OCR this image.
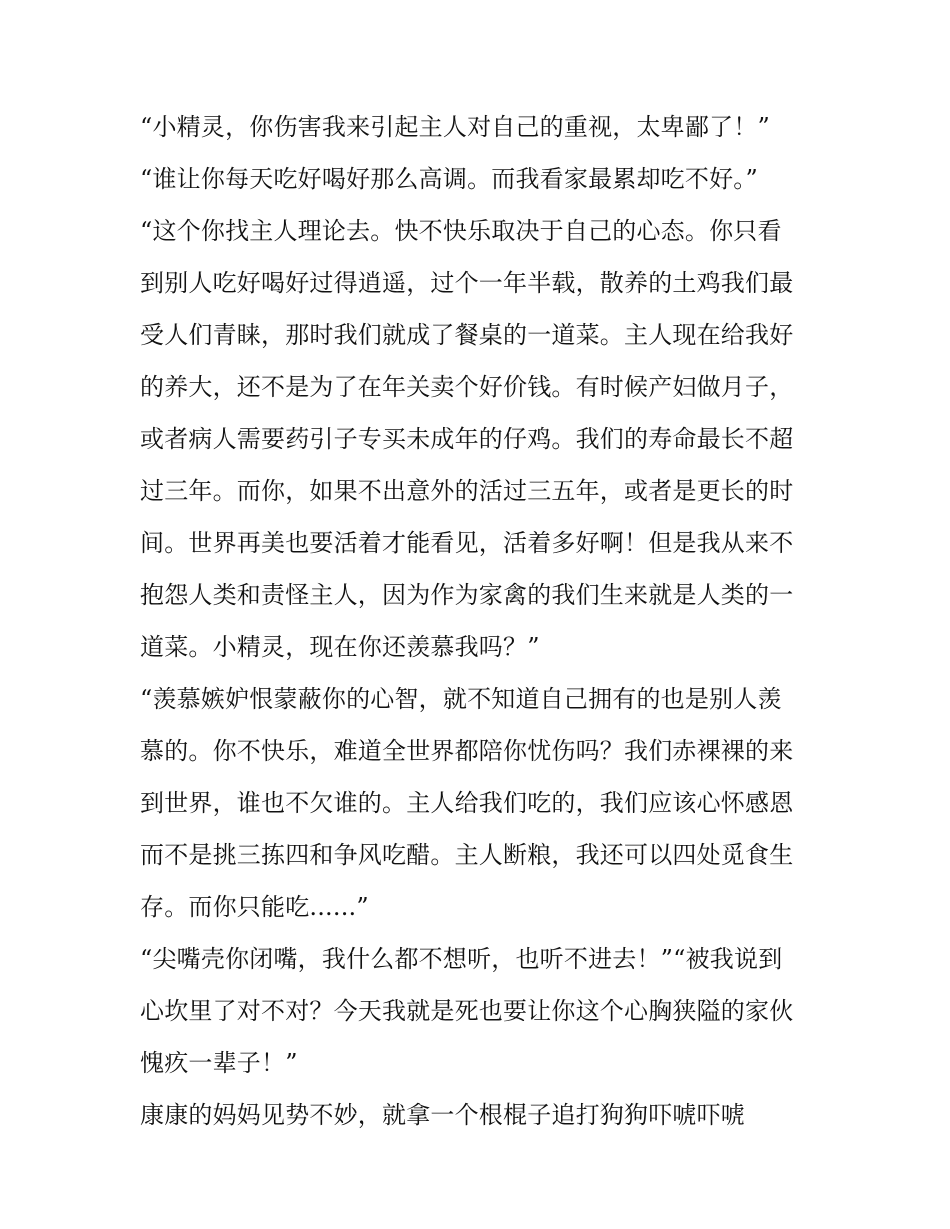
“小精灵，你伤害我来引起主人对自己的重视，太卑鄙了！”
“谁让你每天吃好喝好那么高调。而我看家最累却吃不好。”
“这个你找主人理论去。快不快乐取决于自己的心态。你只看
到别人吃好喝好过得逍遥，过个一年半载，散养的土鸡我们最
受人们青睐，那时我们就成了餐桌的一道菜。主人现在给我好
的养大，还不是为了在年关卖个好价钱。有时候产妇做月子，
或者病人需要药引子专买未成年的仔鸡。我们的寿命最长不超
过三年。而你，如果不出意外的活过三五年，或者是更长的时
间。世界再美也要活着才能看见，活着多好啊！但是我从来不
抱怨人类和责怪主人，因为作为家禽的我们生来就是人类的一
道菜。小精灵，现在你还羡慕我吗？”
“羡慕嫉妒恨蒙蔽你的心智，就不知道自己拥有的也是别人羡
慕的。你不快乐，难道全世界都陪你忧伤吗？我们赤裸裸的来
到世界，谁也不欠谁的。主人给我们吃的，我们应该心怀感恩
而不是挑三拣四和争风吃醋。主人断粮，我还可以四处觅食生
存。而你只能吃......”
“尖嘴壳你闭嘴，我什么都不想听，也听不进去！”“被我说到
心坎里了对不对？今天我就是死也要让你这个心胸狭隘的家伙
愧疚一辈子！”
康康的妈妈见势不妙，就拿一个根棍子追打狗狗吓唬吓唬
